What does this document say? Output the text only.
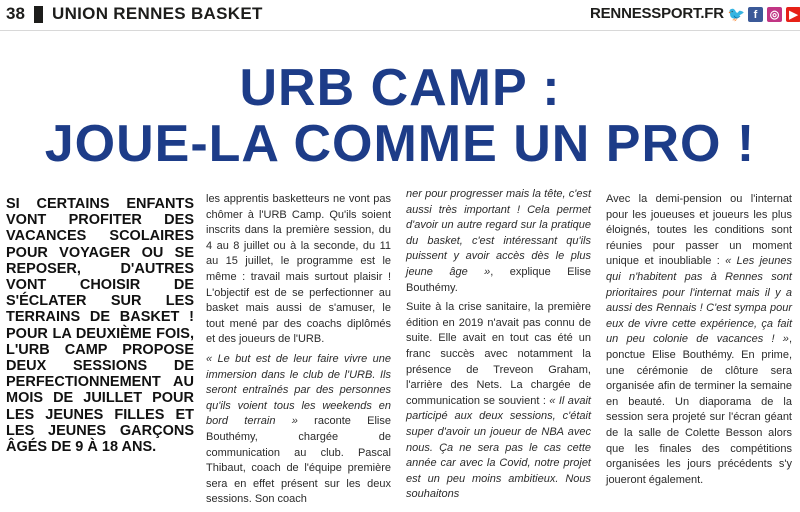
38 UNION RENNES BASKET	RENNESSPORT.FR 🐦 f	◎ ▶
URB CAMP :
JOUE-LA COMME UN PRO !
SI CERTAINS ENFANTS VONT PROFITER DES VACANCES SCOLAIRES POUR VOYAGER OU SE REPOSER, D'AUTRES VONT CHOISIR DE S'ÉCLATER SUR LES TERRAINS DE BASKET ! POUR LA DEUXIÈME FOIS, L'URB CAMP PROPOSE DEUX SESSIONS DE PERFECTIONNEMENT AU MOIS DE JUILLET POUR LES JEUNES FILLES ET LES JEUNES GARÇONS ÂGÉS DE 9 À 18 ANS.

les apprentis basketteurs ne vont pas chômer à l'URB Camp. Qu'ils soient inscrits dans la première session, du 4 au 8 juillet ou à la seconde, du 11 au 15 juillet, le programme est le même : travail mais surtout plaisir ! L'objectif est de se perfectionner au basket mais aussi de s'amuser, le tout mené par des coachs diplômés et des joueurs de l'URB.

« Le but est de leur faire vivre une immersion dans le club de l'URB. Ils seront entraînés par des personnes qu'ils voient tous les weekends en bord terrain » raconte Elise Bouthémy, chargée de communication au club. Pascal Thibaut, coach de l'équipe première sera en effet présent sur les deux sessions. Son coach

ner pour progresser mais la tête, c'est aussi très important ! Cela permet d'avoir un autre regard sur la pratique du basket, c'est intéressant qu'ils puissent y avoir accès dès le plus jeune âge », explique Elise Bouthémy.

Suite à la crise sanitaire, la première édition en 2019 n'avait pas connu de suite. Elle avait en tout cas été un franc succès avec notamment la présence de Treveon Graham, l'arrière des Nets. La chargée de communication se souvient : « Il avait participé aux deux sessions, c'était super d'avoir un joueur de NBA avec nous. Ça ne sera pas le cas cette année car avec la Covid, notre projet est un peu moins ambitieux. Nous souhaitons

Avec la demi-pension ou l'internat pour les joueuses et joueurs les plus éloignés, toutes les conditions sont réunies pour passer un moment unique et inoubliable : « Les jeunes qui n'habitent pas à Rennes sont prioritaires pour l'internat mais il y a aussi des Rennais ! C'est sympa pour eux de vivre cette expérience, ça fait un peu colonie de vacances ! », ponctue Elise Bouthémy. En prime, une cérémonie de clôture sera organisée afin de terminer la semaine en beauté. Un diaporama de la session sera projeté sur l'écran géant de la salle de Colette Besson alors que les finales des compétitions organisées les jours précédents s'y joueront également.
